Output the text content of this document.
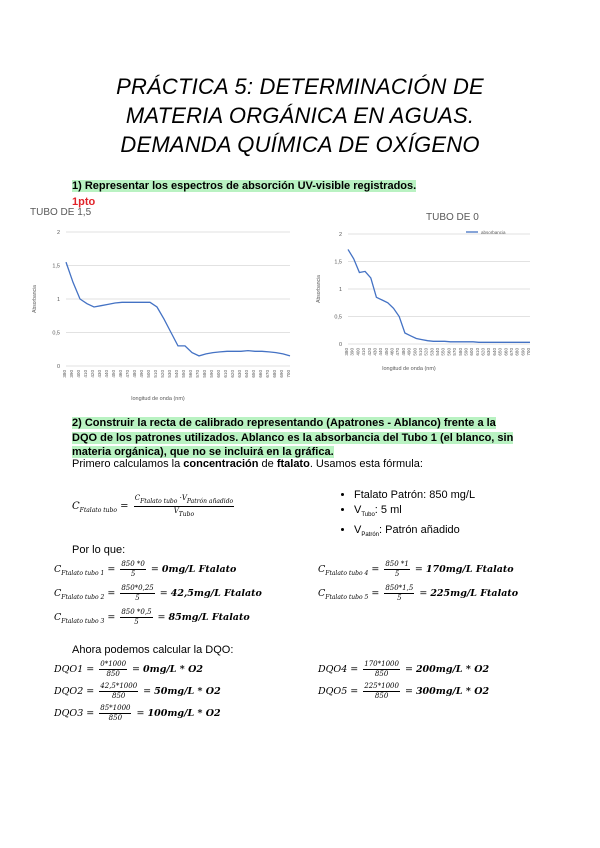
PRÁCTICA 5: DETERMINACIÓN DE
MATERIA ORGÁNICA EN AGUAS.
DEMANDA QUÍMICA DE OXÍGENO
1) Representar los espectros de absorción UV-visible registrados.
1pto
TUBO DE 1,5
0
0,5
1
1,5
2
380 390 400 410 420 430 440 450 460 470 480 490 500 510 520 530 540 550 560 570 580 590 600 610 620 630 640 650 660 670 680 690 700
longitud de onda (nm)
Absorbancia
TUBO DE 0
0
0,5
1
1,5
2
380 390 400 410 420 430 440 450 460 470 480 490 500 510 520 530 540 550 560 570 580 590 600 610 620 630 640 650 660 670 680 690 700
longitud de onda (nm)
Absorbancia
absorbancia
2) Construir la recta de calibrado representando (Apatrones - Ablanco) frente a la
DQO de los patrones utilizados. Ablanco es la absorbancia del Tubo 1 (el blanco, sin
materia orgánica), que no se incluirá en la gráfica.
Primero calculamos la concentración de ftalato. Usamos esta fórmula:
$C_{Ftalato tubo} = \frac{\text{CFtalato tubo ·VPatrón añadido}}{\text{VTubo}}$
•	Ftalato Patrón: 850 mg/L
• $V_{Tubo}$: 5 ml
• $V_{Patrón}$: Patrón añadido
Por lo que:
$C_{Ftalato tubo 1} = \frac{850 *0}{5} = 0mg/L$ Ftalato
$C_{Ftalato tubo 2} = \frac{850*0,25}{5} = 42,5mg/L$ Ftalato
$C_{Ftalato tubo 3} = \frac{850 *0,5}{5} = 85mg/L$ Ftalato
$C_{Ftalato tubo 4} = \frac{850 *1}{5} = 170mg/L$ Ftalato
$C_{Ftalato tubo 5} = \frac{850*1,5}{5} = 225mg/L$ Ftalato
Ahora podemos calcular la DQO:
$DQO1 = \frac{0*1000}{850} = 0mg/L * O2$
$DQO2 = \frac{42,5*1000}{850} = 50mg/L * O2$
$DQO3 = \frac{85*1000}{850} = 100mg/L * O2$
$DQO4 = \frac{170*1000}{850} = 200mg/L * O2$
$DQO5 = \frac{225*1000}{850} = 300mg/L * O2$
